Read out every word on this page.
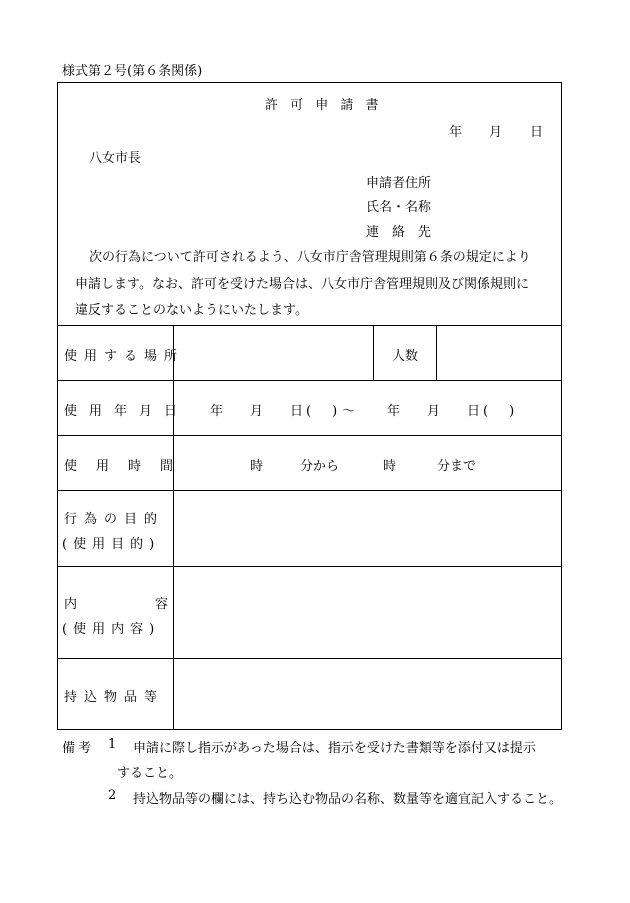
様式第２号(第６条関係)
許 可 申 請 書
年 月 日
八女市長
申請者住所
氏名・名称
連　絡　先
次の行為について許可されるよう、八女市庁舎管理規則第６条の規定により
申請します。なお、許可を受けた場合は、八女市庁舎管理規則及び関係規則に
違反することのないようにいたします。
使用する場所	人数
使用年月日 年 月 日 (　) ～ 年 月 日 (　)
使用時間	時	分から	時	分まで
行為の目的
(使用目的)
内	容
(使用内容)
持込物品等
備考 1 申請に際し指示があった場合は、指示を受けた書類等を添付又は提示
すること。
2 持込物品等の欄には、持ち込む物品の名称、数量等を適宜記入すること。
